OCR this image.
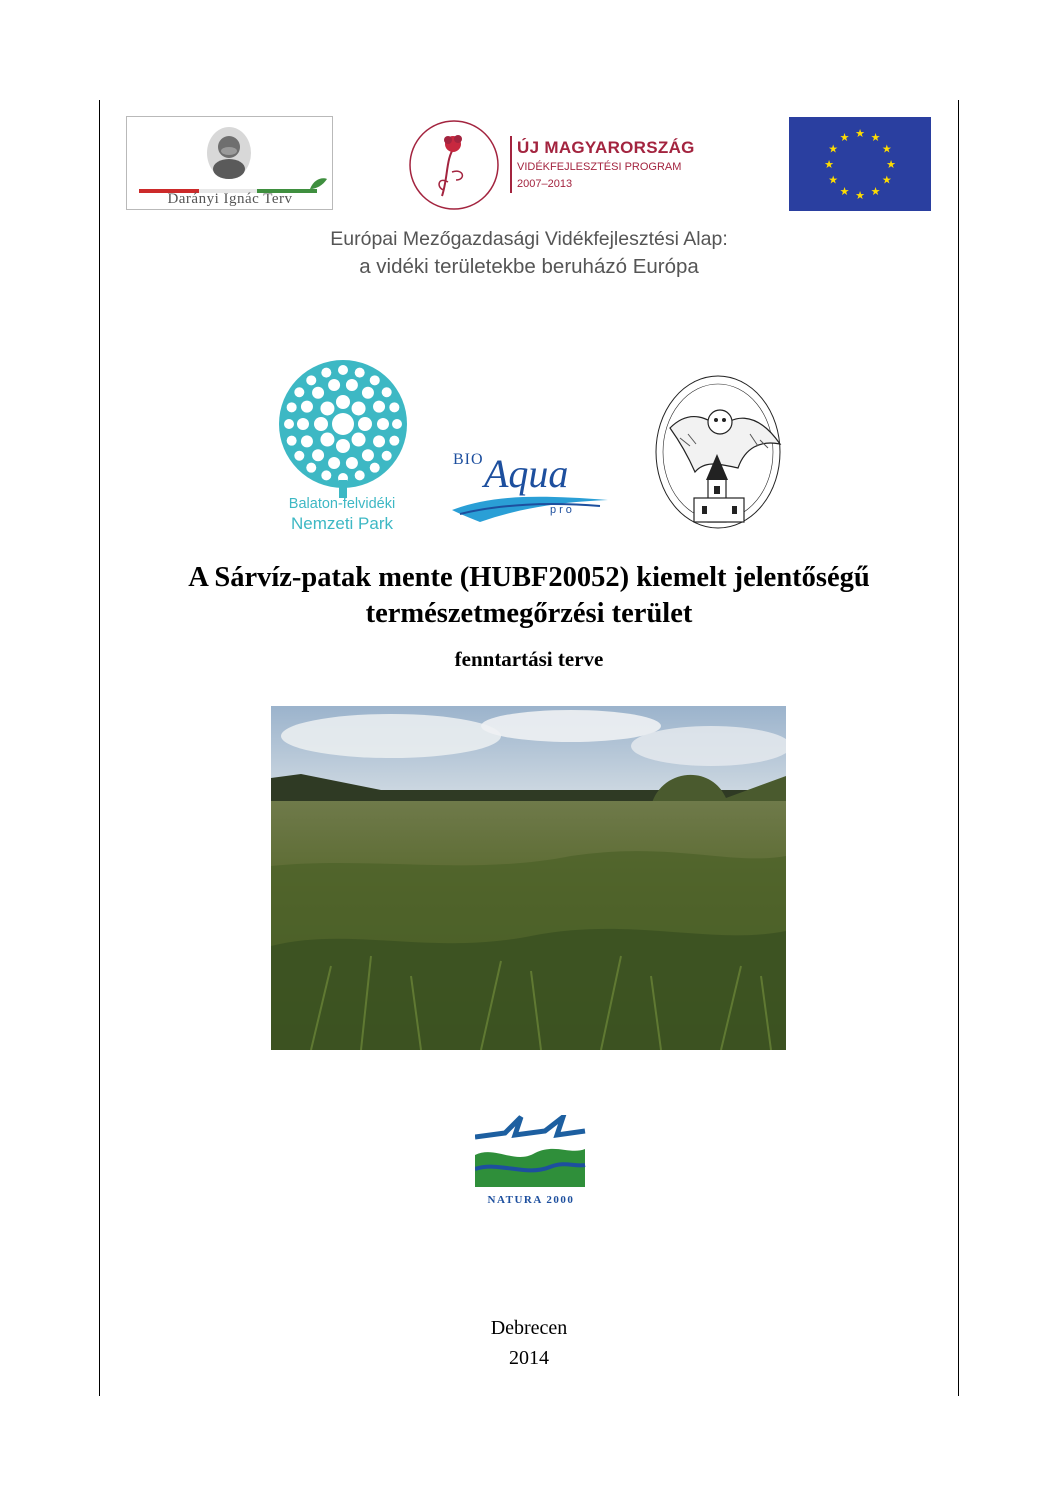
Darányi Ignác Terv
ÚJ MAGYARORSZÁG
VIDÉKFEJLESZTÉSI PROGRAM
2007–2013
★ ★
★
★
★
★
★
★
★
★
★
★
Európai Mezőgazdasági Vidékfejlesztési Alap:
a vidéki területekbe beruházó Európa
Balaton-felvidéki
Nemzeti Park
BIO Aqua
pro
A Sárvíz-patak mente (HUBF20052) kiemelt jelentőségű
természetmegőrzési terület
fenntartási terve
NATURA 2000
Debrecen
2014
